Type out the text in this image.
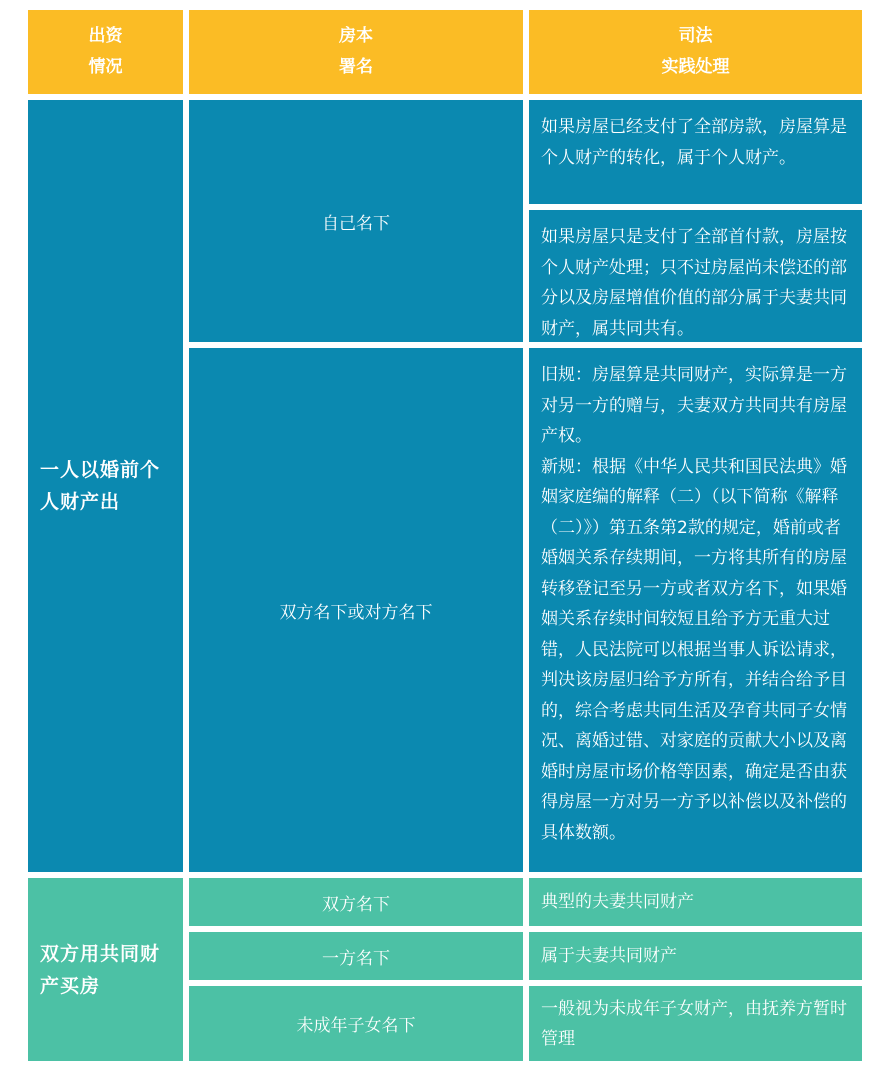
出资
情况
房本
署名
司法
实践处理
一人以婚前个人财产出
自己名下
如果房屋已经支付了全部房款，房屋算是个人财产的转化，属于个人财产。
如果房屋只是支付了全部首付款，房屋按个人财产处理；只不过房屋尚未偿还的部分以及房屋增值价值的部分属于夫妻共同财产，属共同共有。
双方名下或对方名下
旧规：房屋算是共同财产，实际算是一方对另一方的赠与，夫妻双方共同共有房屋产权。
新规：根据《中华人民共和国民法典》婚姻家庭编的解释（二）（以下简称《解释（二）》）第五条第2款的规定，婚前或者婚姻关系存续期间，一方将其所有的房屋转移登记至另一方或者双方名下，如果婚姻关系存续时间较短且给予方无重大过错，人民法院可以根据当事人诉讼请求，判决该房屋归给予方所有，并结合给予目的，综合考虑共同生活及孕育共同子女情况、离婚过错、对家庭的贡献大小以及离婚时房屋市场价格等因素，确定是否由获得房屋一方对另一方予以补偿以及补偿的具体数额。
双方用共同财产买房
双方名下	典型的夫妻共同财产
一方名下	属于夫妻共同财产
未成年子女名下
一般视为未成年子女财产，由抚养方暂时管理
